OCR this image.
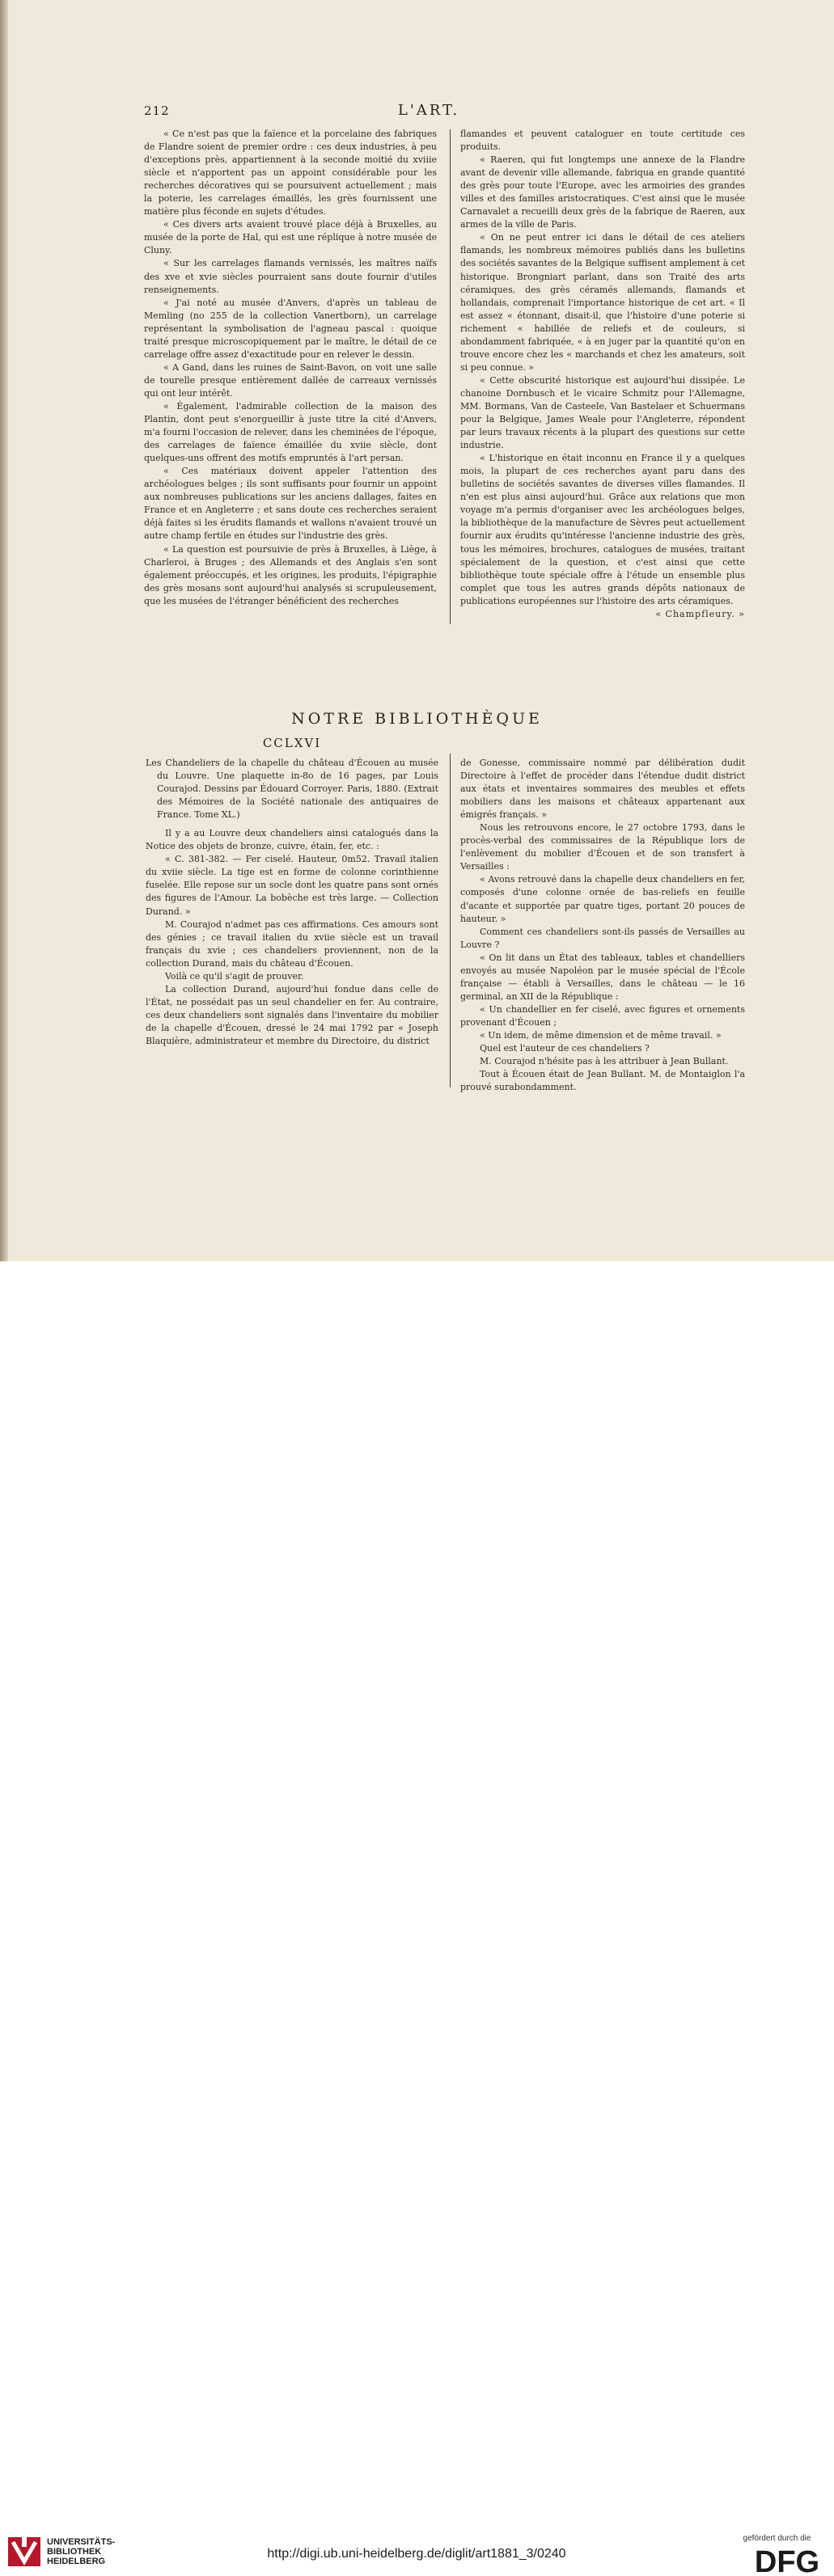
212	L'ART.

« Ce n'est pas que la faïence et la porcelaine des fabriques de Flandre soient de premier ordre : ces deux industries, à peu d'exceptions près, appartiennent à la seconde moitié du xviiie siècle et n'apportent pas un appoint considérable pour les recherches décoratives qui se poursuivent actuellement ; mais la poterie, les carrelages émaillés, les grès fournissent une matière plus féconde en sujets d'études.

« Ces divers arts avaient trouvé place déjà à Bruxelles, au musée de la porte de Hal, qui est une réplique à notre musée de Cluny.

« Sur les carrelages flamands vernissés, les maîtres naïfs des xve et xvie siècles pourraient sans doute fournir d'utiles renseignements.

« J'ai noté au musée d'Anvers, d'après un tableau de Memling (no 255 de la collection Vanertborn), un carrelage représentant la symbolisation de l'agneau pascal : quoique traité presque microscopiquement par le maître, le détail de ce carrelage offre assez d'exactitude pour en relever le dessin.

« A Gand, dans les ruines de Saint-Bavon, on voit une salle de tourelle presque entièrement dallée de carreaux vernissés qui ont leur intérêt.

« Également, l'admirable collection de la maison des Plantin, dont peut s'enorgueillir à juste titre la cité d'Anvers, m'a fourni l'occasion de relever, dans les cheminées de l'époque, des carrelages de faïence émaillée du xviie siècle, dont quelques-uns offrent des motifs empruntés à l'art persan.

« Ces matériaux doivent appeler l'attention des archéologues belges ; ils sont suffisants pour fournir un appoint aux nombreuses publications sur les anciens dallages, faites en France et en Angleterre ; et sans doute ces recherches seraient déjà faites si les érudits flamands et wallons n'avaient trouvé un autre champ fertile en études sur l'industrie des grès.

« La question est poursuivie de près à Bruxelles, à Liège, à Charleroi, à Bruges ; des Allemands et des Anglais s'en sont également préoccupés, et les origines, les produits, l'épigraphie des grès mosans sont aujourd'hui analysés si scrupuleusement, que les musées de l'étranger bénéficient des recherches

flamandes et peuvent cataloguer en toute certitude ces produits.

« Raeren, qui fut longtemps une annexe de la Flandre avant de devenir ville allemande, fabriqua en grande quantité des grès pour toute l'Europe, avec les armoiries des grandes villes et des familles aristocratiques. C'est ainsi que le musée Carnavalet a recueilli deux grès de la fabrique de Raeren, aux armes de la ville de Paris.

« On ne peut entrer ici dans le détail de ces ateliers flamands, les nombreux mémoires publiés dans les bulletins des sociétés savantes de la Belgique suffisent amplement à cet historique. Brongniart parlant, dans son Traité des arts céramiques, des grès céramés allemands, flamands et hollandais, comprenait l'importance historique de cet art. « Il est assez « étonnant, disait-il, que l'histoire d'une poterie si richement « habillée de reliefs et de couleurs, si abondamment fabriquée, « à en juger par la quantité qu'on en trouve encore chez les « marchands et chez les amateurs, soit si peu connue. »

« Cette obscurité historique est aujourd'hui dissipée. Le chanoine Dornbusch et le vicaire Schmitz pour l'Allemagne, MM. Bormans, Van de Casteele, Van Bastelaer et Schuermans pour la Belgique, James Weale pour l'Angleterre, répondent par leurs travaux récents à la plupart des questions sur cette industrie.

« L'historique en était inconnu en France il y a quelques mois, la plupart de ces recherches ayant paru dans des bulletins de sociétés savantes de diverses villes flamandes. Il n'en est plus ainsi aujourd'hui. Grâce aux relations que mon voyage m'a permis d'organiser avec les archéologues belges, la bibliothèque de la manufacture de Sèvres peut actuellement fournir aux érudits qu'intéresse l'ancienne industrie des grès, tous les mémoires, brochures, catalogues de musées, traitant spécialement de la question, et c'est ainsi que cette bibliothèque toute spéciale offre à l'étude un ensemble plus complet que tous les autres grands dépôts nationaux de publications européennes sur l'histoire des arts céramiques.

« Champfleury. »

NOTRE BIBLIOTHÈQUE
CCLXVI

Les Chandeliers de la chapelle du château d'Écouen au musée du Louvre. Une plaquette in-8o de 16 pages, par Louis Courajod. Dessins par Édouard Corroyer. Paris, 1880. (Extrait des Mémoires de la Société nationale des antiquaires de France. Tome XL.)

Il y a au Louvre deux chandeliers ainsi catalogués dans la Notice des objets de bronze, cuivre, étain, fer, etc. :

« C. 381-382. — Fer ciselé. Hauteur, 0m52. Travail italien du xviie siècle. La tige est en forme de colonne corinthienne fuselée. Elle repose sur un socle dont les quatre pans sont ornés des figures de l'Amour. La bobèche est très large. — Collection Durand. »

M. Courajod n'admet pas ces affirmations. Ces amours sont des génies ; ce travail italien du xviie siècle est un travail français du xvie ; ces chandeliers proviennent, non de la collection Durand, mais du château d'Écouen.

Voilà ce qu'il s'agit de prouver.

La collection Durand, aujourd'hui fondue dans celle de l'État, ne possédait pas un seul chandelier en fer. Au contraire, ces deux chandeliers sont signalés dans l'inventaire du mobilier de la chapelle d'Écouen, dressé le 24 mai 1792 par « Joseph Blaquière, administrateur et membre du Directoire, du district

de Gonesse, commissaire nommé par délibération dudit Directoire à l'effet de procéder dans l'étendue dudit district aux états et inventaires sommaires des meubles et effets mobiliers dans les maisons et châteaux appartenant aux émigrés français. »

Nous les retrouvons encore, le 27 octobre 1793, dans le procès-verbal des commissaires de la République lors de l'enlèvement du mobilier d'Écouen et de son transfert à Versailles :

« Avons retrouvé dans la chapelle deux chandeliers en fer, composés d'une colonne ornée de bas-reliefs en feuille d'acante et supportée par quatre tiges, portant 20 pouces de hauteur. »

Comment ces chandeliers sont-ils passés de Versailles au Louvre ?

« On lit dans un État des tableaux, tables et chandelliers envoyés au musée Napoléon par le musée spécial de l'École française — établi à Versailles, dans le château — le 16 germinal, an XII de la République :

« Un chandellier en fer ciselé, avec figures et ornements provenant d'Écouen ;

« Un idem, de même dimension et de même travail. »

Quel est l'auteur de ces chandeliers ?

M. Courajod n'hésite pas à les attribuer à Jean Bullant.

Tout à Écouen était de Jean Bullant. M. de Montaiglon l'a prouvé surabondamment.

UNIVERSITÄTS-
BIBLIOTHEK
HEIDELBERG
http://digi.ub.uni-heidelberg.de/diglit/art1881_3/0240
gefördert durch die
DFG
